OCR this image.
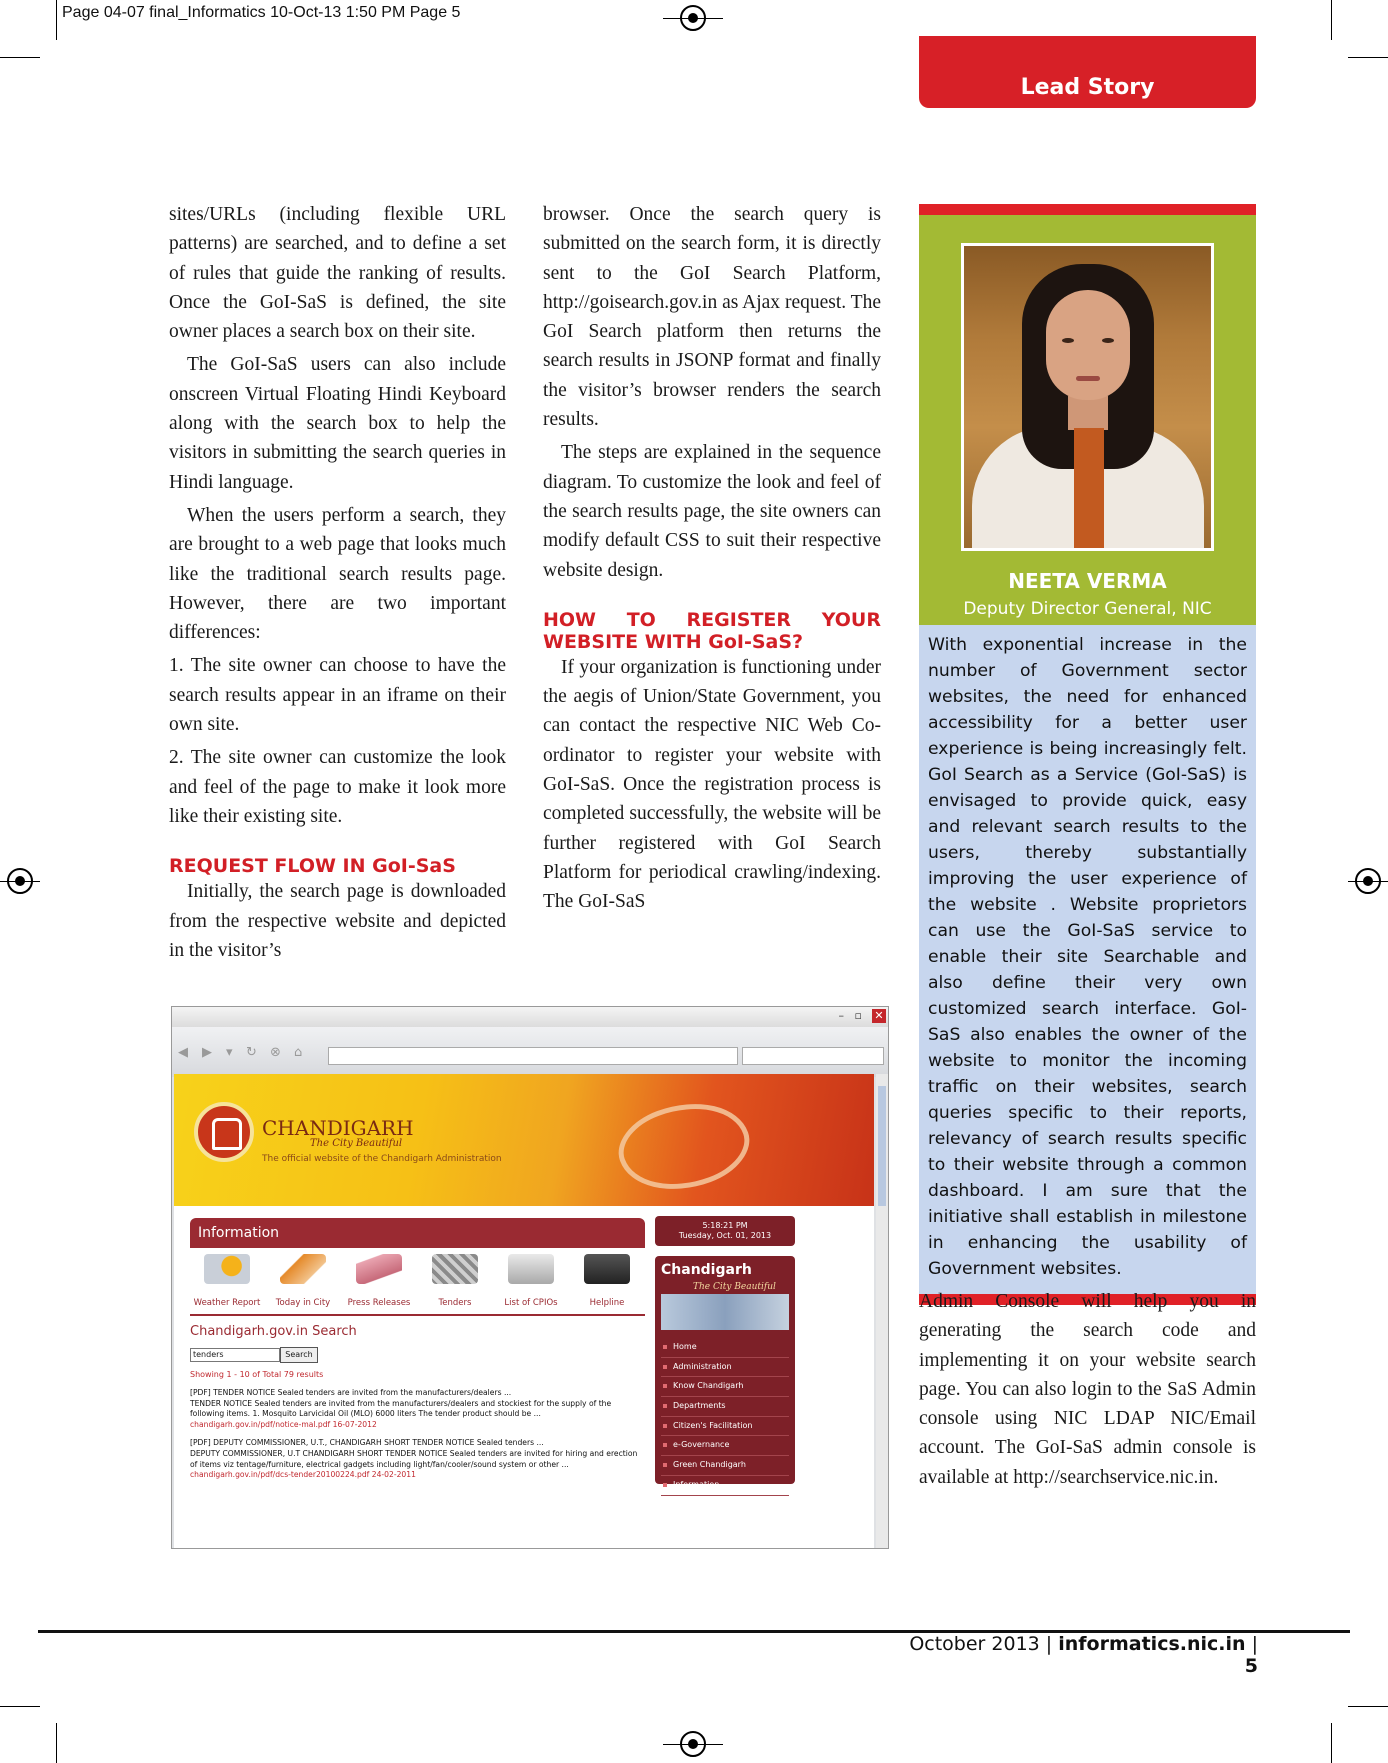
Page 04-07 final_Informatics 10-Oct-13 1:50 PM Page 5
Lead Story

sites/URLs (including flexible URL patterns) are searched, and to define a set of rules that guide the ranking of results. Once the GoI-SaS is defined, the site owner places a search box on their site.

The GoI-SaS users can also include onscreen Virtual Floating Hindi Keyboard along with the search box to help the visitors in submitting the search queries in Hindi language.

When the users perform a search, they are brought to a web page that looks much like the traditional search results page. However, there are two important differences:

1. The site owner can choose to have the search results appear in an iframe on their own site.

2. The site owner can customize the look and feel of the page to make it look more like their existing site.

REQUEST FLOW IN GoI-SaS

Initially, the search page is downloaded from the respective website and depicted in the visitor’s

browser. Once the search query is submitted on the search form, it is directly sent to the GoI Search Platform, http://goisearch.gov.in as Ajax request. The GoI Search platform then returns the search results in JSONP format and finally the visitor’s browser renders the search results.

The steps are explained in the sequence diagram. To customize the look and feel of the search results page, the site owners can modify default CSS to suit their respective website design.

HOW TO REGISTER YOUR WEBSITE WITH GoI-SaS?

If your organization is functioning under the aegis of Union/State Government, you can contact the respective NIC Web Co-ordinator to register your website with GoI-SaS. Once the registration process is completed successfully, the website will be further registered with GoI Search Platform for periodical crawling/indexing. The GoI-SaS

NEETA VERMA
Deputy Director General, NIC
With exponential increase in the number of Government sector websites, the need for enhanced accessibility for a better user experience is being increasingly felt. GoI Search as a Service (GoI-SaS) is envisaged to provide quick, easy and relevant search results to the users, thereby substantially improving the user experience of the website . Website proprietors can use the GoI-SaS service to enable their site Searchable and also define their very own customized search interface. GoI-SaS also enables the owner of the website to monitor the incoming traffic on their websites, search queries specific to their reports, relevancy of search results specific to their website through a common dashboard. I am sure that the initiative shall establish in milestone in enhancing the usability of Government websites.

Admin Console will help you in generating the search code and implementing it on your website search page. You can also login to the SaS Admin console using NIC LDAP NIC/Email account. The GoI-SaS admin console is available at http://searchservice.nic.in.

– ▫ ✕
◀	▶	▾	↻	⊗	⌂
CHANDIGARH
The City Beautiful
The official website of the Chandigarh Administration
Information
Weather Report	Today in City	Press Releases	Tenders	List of CPIOs	Helpline
Chandigarh.gov.in Search
tenders	Search
Showing 1 - 10 of Total 79 results
[PDF] TENDER NOTICE Sealed tenders are invited from the manufacturers/dealers ...
TENDER NOTICE Sealed tenders are invited from the manufacturers/dealers and stockiest for the supply of the following items. 1. Mosquito Larvicidal Oil (MLO) 6000 liters The tender product should be ...
chandigarh.gov.in/pdf/notice-mal.pdf 16-07-2012
[PDF] DEPUTY COMMISSIONER, U.T., CHANDIGARH SHORT TENDER NOTICE Sealed tenders ...
DEPUTY COMMISSIONER, U.T CHANDIGARH SHORT TENDER NOTICE Sealed tenders are invited for hiring and erection of items viz tentage/furniture, electrical gadgets including light/fan/cooler/sound system or other ...
chandigarh.gov.in/pdf/dcs-tender20100224.pdf 24-02-2011
5:18:21 PM
Tuesday, Oct. 01, 2013
Chandigarh
The City Beautiful
Home
Administration
Know Chandigarh
Departments
Citizen's Facilitation
e-Governance
Green Chandigarh
Information
October 2013 | informatics.nic.in | 5
